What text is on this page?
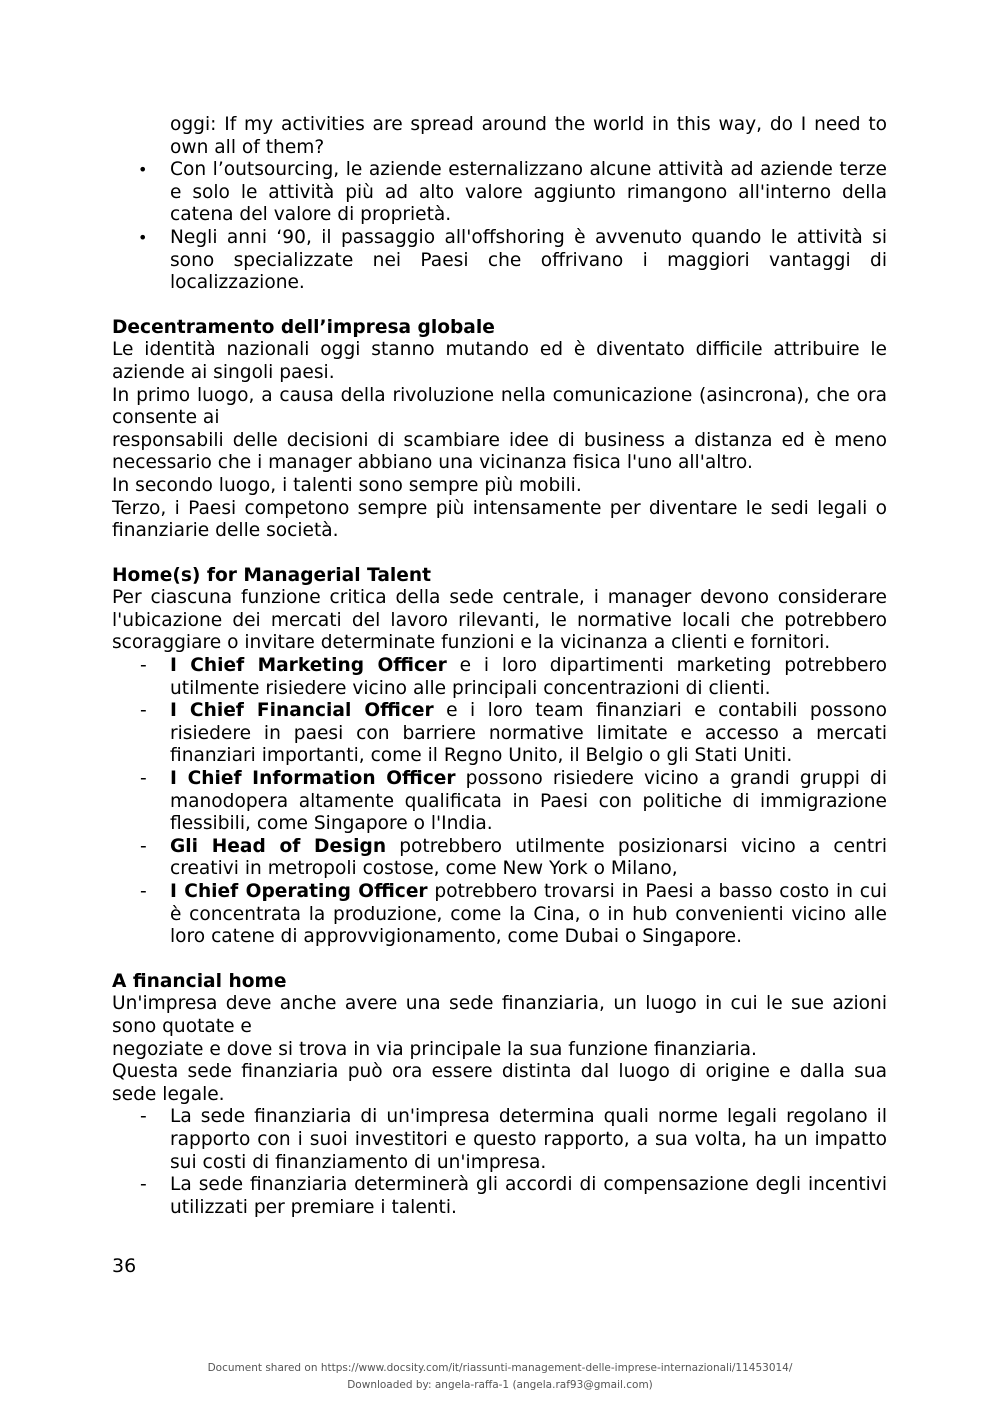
oggi: If my activities are spread around the world in this way, do I need to own all of them?

• Con l’outsourcing, le aziende esternalizzano alcune attività ad aziende terze e solo le attività più ad alto valore aggiunto rimangono all'interno della catena del valore di proprietà.
• Negli anni ‘90, il passaggio all'offshoring è avvenuto quando le attività si sono specializzate nei Paesi che offrivano i maggiori vantaggi di localizzazione.
Decentramento dell’impresa globale

Le identità nazionali oggi stanno mutando ed è diventato difficile attribuire le aziende ai singoli paesi.

In primo luogo, a causa della rivoluzione nella comunicazione (asincrona), che ora consente ai

responsabili delle decisioni di scambiare idee di business a distanza ed è meno necessario che i manager abbiano una vicinanza fisica l'uno all'altro.

In secondo luogo, i talenti sono sempre più mobili.

Terzo, i Paesi competono sempre più intensamente per diventare le sedi legali o finanziarie delle società.

Home(s) for Managerial Talent

Per ciascuna funzione critica della sede centrale, i manager devono considerare l'ubicazione dei mercati del lavoro rilevanti, le normative locali che potrebbero scoraggiare o invitare determinate funzioni e la vicinanza a clienti e fornitori.

- I Chief Marketing Officer e i loro dipartimenti marketing potrebbero utilmente risiedere vicino alle principali concentrazioni di clienti.
- I Chief Financial Officer e i loro team finanziari e contabili possono risiedere in paesi con barriere normative limitate e accesso a mercati finanziari importanti, come il Regno Unito, il Belgio o gli Stati Uniti.
- I Chief Information Officer possono risiedere vicino a grandi gruppi di manodopera altamente qualificata in Paesi con politiche di immigrazione flessibili, come Singapore o l'India.
- Gli Head of Design potrebbero utilmente posizionarsi vicino a centri creativi in metropoli costose, come New York o Milano,
- I Chief Operating Officer potrebbero trovarsi in Paesi a basso costo in cui è concentrata la produzione, come la Cina, o in hub convenienti vicino alle loro catene di approvvigionamento, come Dubai o Singapore.
A financial home

Un'impresa deve anche avere una sede finanziaria, un luogo in cui le sue azioni sono quotate e

negoziate e dove si trova in via principale la sua funzione finanziaria.

Questa sede finanziaria può ora essere distinta dal luogo di origine e dalla sua sede legale.

- La sede finanziaria di un'impresa determina quali norme legali regolano il rapporto con i suoi investitori e questo rapporto, a sua volta, ha un impatto sui costi di finanziamento di un'impresa.
- La sede finanziaria determinerà gli accordi di compensazione degli incentivi utilizzati per premiare i talenti.
36
Document shared on https://www.docsity.com/it/riassunti-management-delle-imprese-internazionali/11453014/
Downloaded by: angela-raffa-1 (angela.raf93@gmail.com)
